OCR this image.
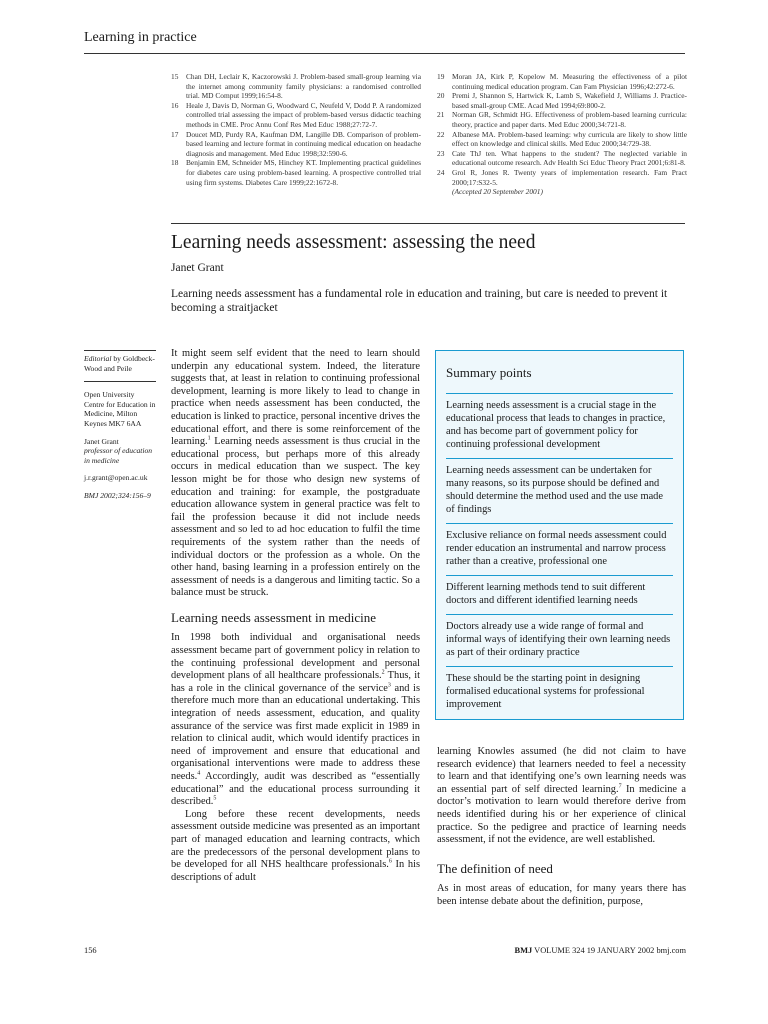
Learning in practice
15	Chan DH, Leclair K, Kaczorowski J. Problem-based small-group learning via the internet among community family physicians: a randomised controlled trial. MD Comput 1999;16:54-8.
16	Heale J, Davis D, Norman G, Woodward C, Neufeld V, Dodd P. A randomized controlled trial assessing the impact of problem-based versus didactic teaching methods in CME. Proc Annu Conf Res Med Educ 1988;27:72-7.
17	Doucet MD, Purdy RA, Kaufman DM, Langille DB. Comparison of problem-based learning and lecture format in continuing medical education on headache diagnosis and management. Med Educ 1998;32:590-6.
18	Benjamin EM, Schneider MS, Hinchey KT. Implementing practical guidelines for diabetes care using problem-based learning. A prospective controlled trial using firm systems. Diabetes Care 1999;22:1672-8.
19	Moran JA, Kirk P, Kopelow M. Measuring the effectiveness of a pilot continuing medical education program. Can Fam Physician 1996;42:272-6.
20	Premi J, Shannon S, Hartwick K, Lamb S, Wakefield J, Williams J. Practice-based small-group CME. Acad Med 1994;69:800-2.
21	Norman GR, Schmidt HG. Effectiveness of problem-based learning curricula: theory, practice and paper darts. Med Educ 2000;34:721-8.
22	Albanese MA. Problem-based learning: why curricula are likely to show little effect on knowledge and clinical skills. Med Educ 2000;34:729-38.
23	Cate ThJ ten. What happens to the student? The neglected variable in educational outcome research. Adv Health Sci Educ Theory Pract 2001;6:81-8.
24	Grol R, Jones R. Twenty years of implementation research. Fam Pract 2000;17:S32-5.
(Accepted 20 September 2001)
Learning needs assessment: assessing the need
Janet Grant
Learning needs assessment has a fundamental role in education and training, but care is needed to prevent it becoming a straitjacket
Editorial by Goldbeck-Wood and Peile
Open University Centre for Education in Medicine, Milton Keynes MK7 6AA
Janet Grant
professor of education in medicine
j.r.grant@open.ac.uk
BMJ 2002;324:156–9

It might seem self evident that the need to learn should underpin any educational system. Indeed, the literature suggests that, at least in relation to continuing professional development, learning is more likely to lead to change in practice when needs assessment has been conducted, the education is linked to practice, personal incentive drives the educational effort, and there is some reinforcement of the learning.$^1$ Learning needs assessment is thus crucial in the educational process, but perhaps more of this already occurs in medical education than we suspect. The key lesson might be for those who design new systems of education and training: for example, the postgraduate education allowance system in general practice was felt to fail the profession because it did not include needs assessment and so led to ad hoc education to fulfil the time requirements of the system rather than the needs of individual doctors or the profession as a whole. On the other hand, basing learning in a profession entirely on the assessment of needs is a dangerous and limiting tactic. So a balance must be struck.

Learning needs assessment in medicine

In 1998 both individual and organisational needs assessment became part of government policy in relation to the continuing professional development and personal development plans of all healthcare professionals.$^2$ Thus, it has a role in the clinical governance of the service$^3$ and is therefore much more than an educational undertaking. This integration of needs assessment, education, and quality assurance of the service was first made explicit in 1989 in relation to clinical audit, which would identify practices in need of improvement and ensure that educational and organisational interventions were made to address these needs.$^4$ Accordingly, audit was described as “essentially educational” and the educational process surrounding it described.$^5$

Long before these recent developments, needs assessment outside medicine was presented as an important part of managed education and learning contracts, which are the predecessors of the personal development plans to be developed for all NHS healthcare professionals.$^6$ In his descriptions of adult

Summary points
Learning needs assessment is a crucial stage in the educational process that leads to changes in practice, and has become part of government policy for continuing professional development
Learning needs assessment can be undertaken for many reasons, so its purpose should be defined and should determine the method used and the use made of findings
Exclusive reliance on formal needs assessment could render education an instrumental and narrow process rather than a creative, professional one
Different learning methods tend to suit different doctors and different identified learning needs
Doctors already use a wide range of formal and informal ways of identifying their own learning needs as part of their ordinary practice
These should be the starting point in designing formalised educational systems for professional improvement

learning Knowles assumed (he did not claim to have research evidence) that learners needed to feel a necessity to learn and that identifying one’s own learning needs was an essential part of self directed learning.$^7$ In medicine a doctor’s motivation to learn would therefore derive from needs identified during his or her experience of clinical practice. So the pedigree and practice of learning needs assessment, if not the evidence, are well established.

The definition of need

As in most areas of education, for many years there has been intense debate about the definition, purpose,

156	BMJ VOLUME 324 19 JANUARY 2002 bmj.com
